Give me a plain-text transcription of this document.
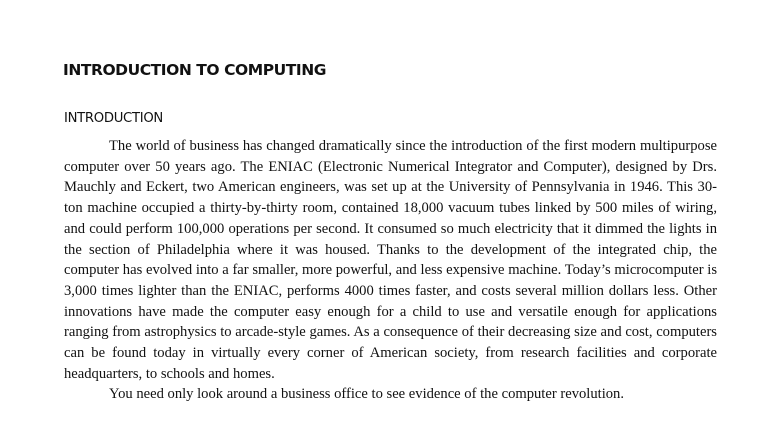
INTRODUCTION TO COMPUTING
INTRODUCTION

The world of business has changed dramatically since the introduction of the first modern multipurpose computer over 50 years ago. The ENIAC (Electronic Numerical Integrator and Computer), designed by Drs. Mauchly and Eckert, two American engineers, was set up at the University of Pennsylvania in 1946. This 30-ton machine occupied a thirty-by-thirty room, contained 18,000 vacuum tubes linked by 500 miles of wiring, and could perform 100,000 operations per second. It consumed so much electricity that it dimmed the lights in the section of Philadelphia where it was housed. Thanks to the development of the integrated chip, the computer has evolved into a far smaller, more powerful, and less expensive machine. Today’s microcomputer is 3,000 times lighter than the ENIAC, performs 4000 times faster, and costs several million dollars less. Other innovations have made the computer easy enough for a child to use and versatile enough for applications ranging from astrophysics to arcade-style games. As a consequence of their decreasing size and cost, computers can be found today in virtually every corner of American society, from research facilities and corporate headquarters, to schools and homes.

You need only look around a business office to see evidence of the computer revolution.
